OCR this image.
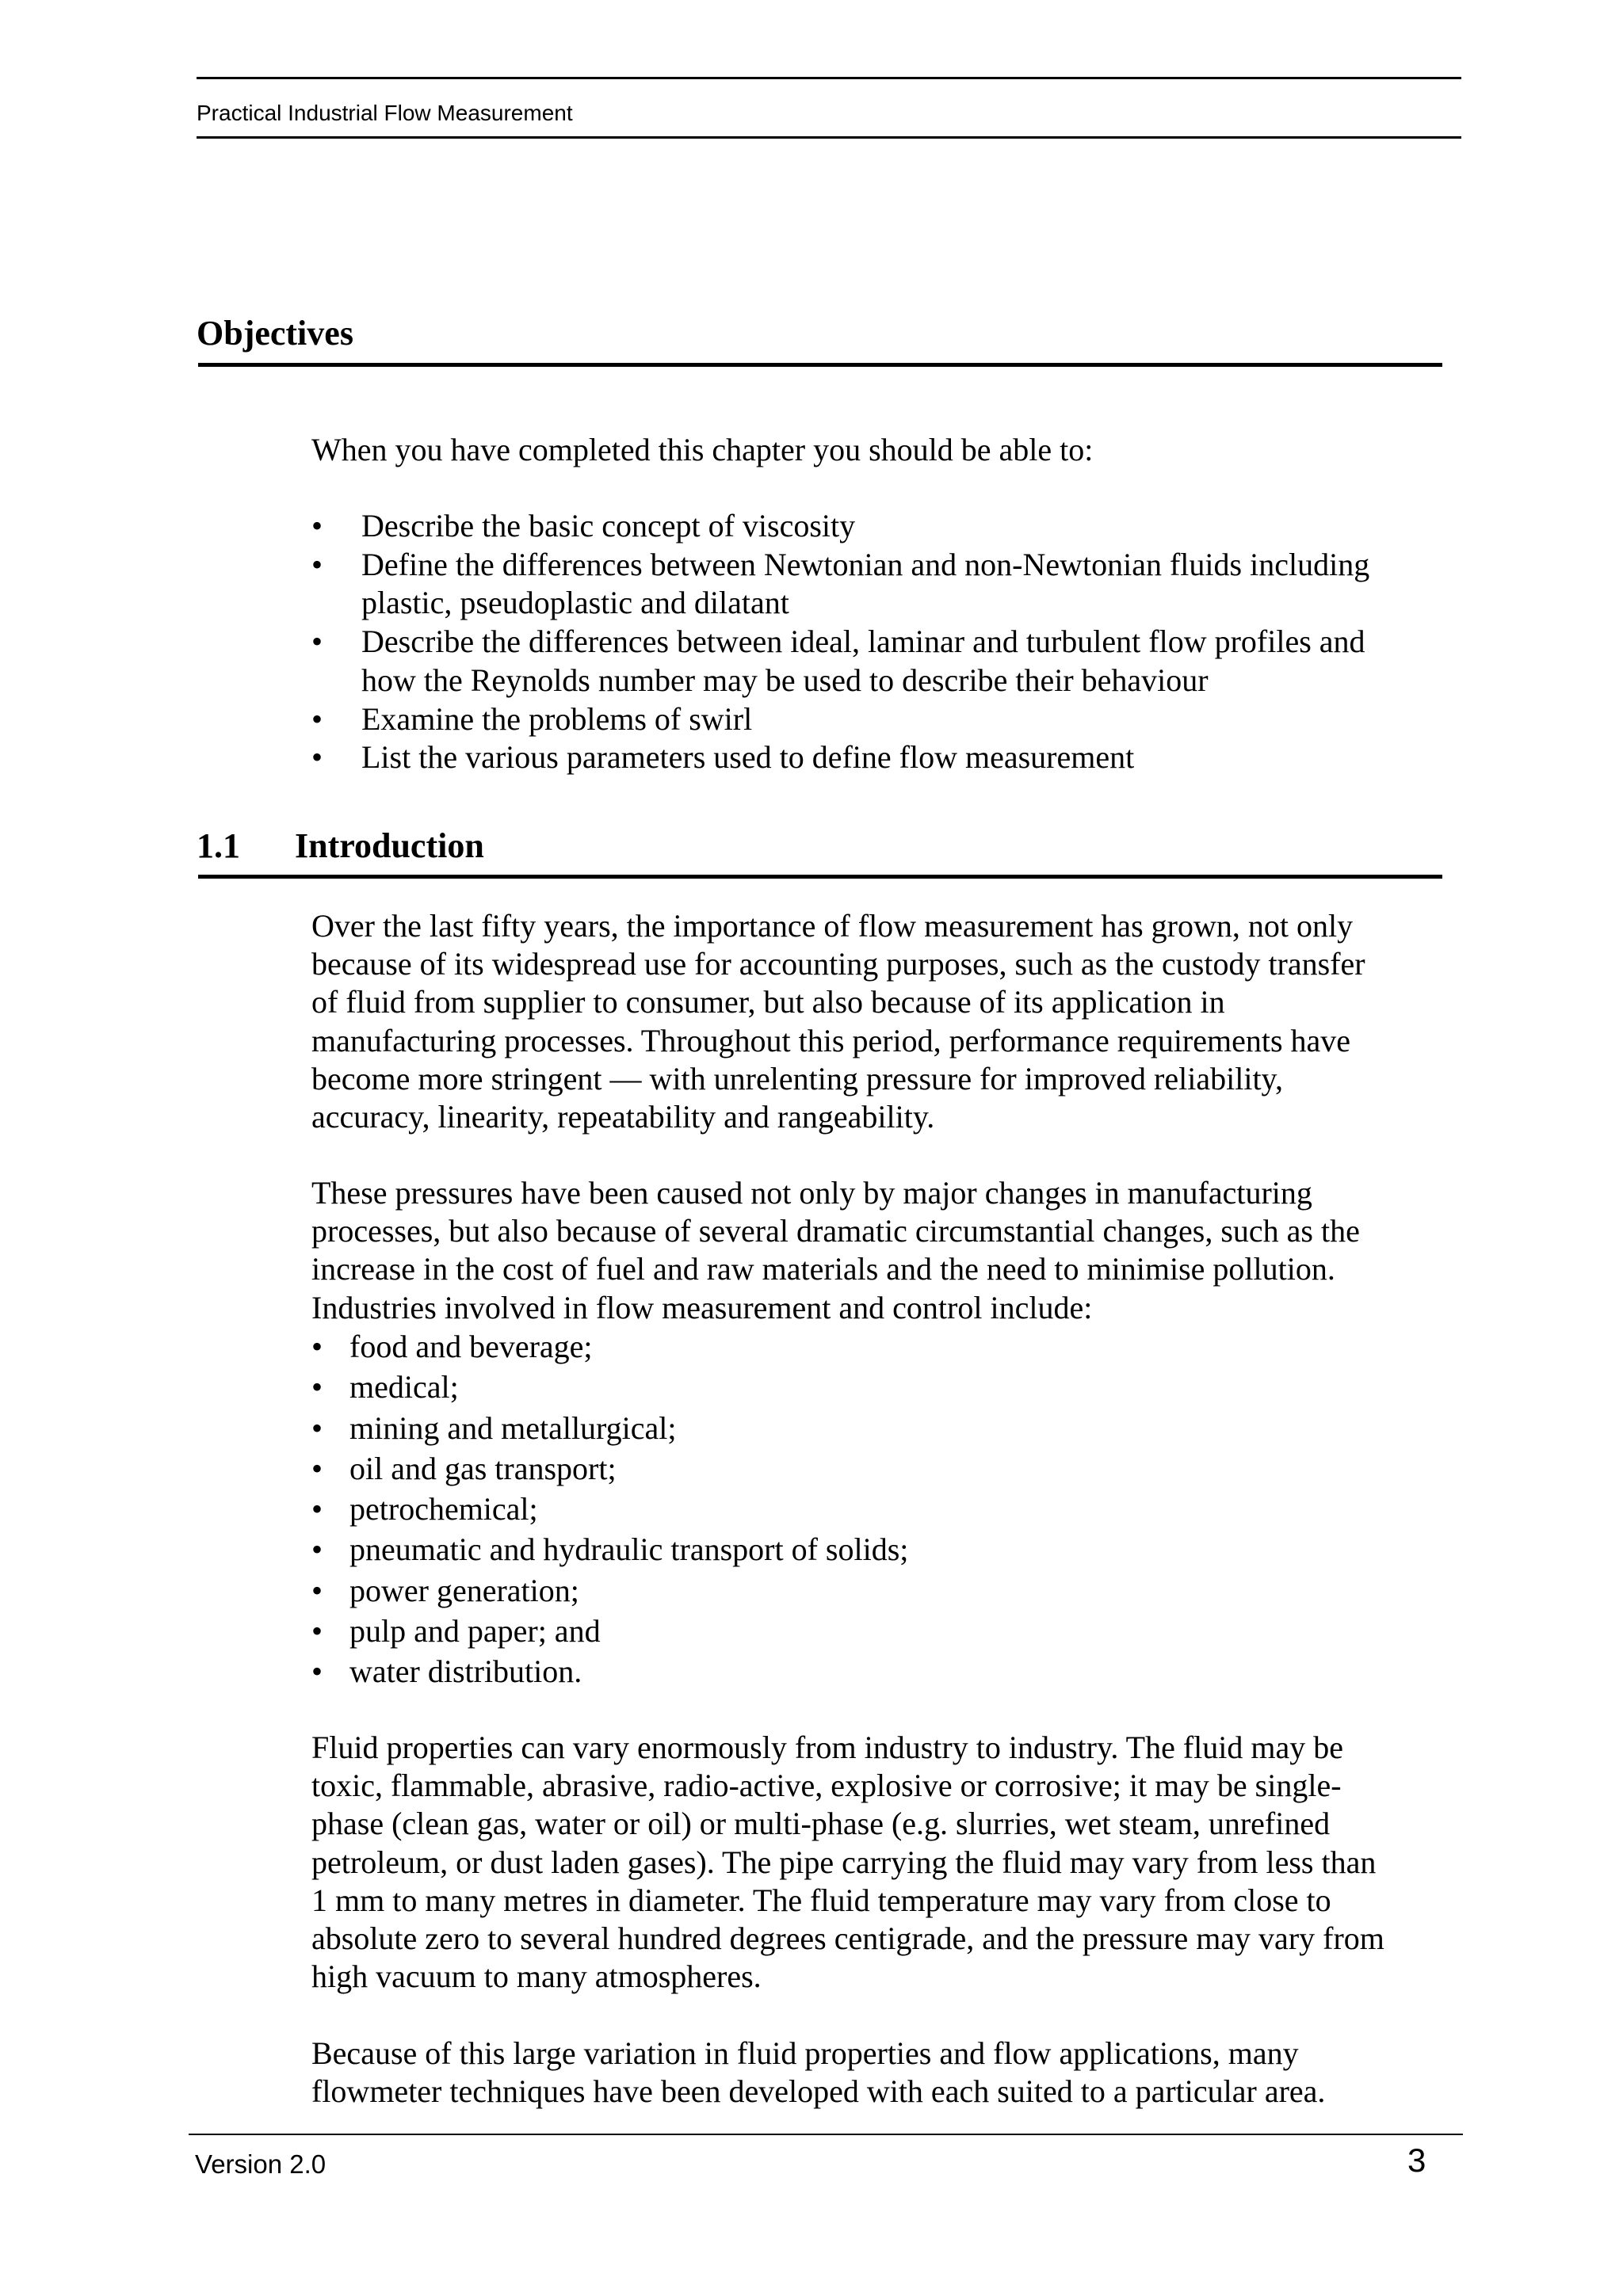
Practical Industrial Flow Measurement
Objectives
When you have completed this chapter you should be able to:
• Describe the basic concept of viscosity
• Define the differences between Newtonian and non-Newtonian fluids including
plastic, pseudoplastic and dilatant
• Describe the differences between ideal, laminar and turbulent flow profiles and
how the Reynolds number may be used to describe their behaviour
• Examine the problems of swirl
• List the various parameters used to define flow measurement
1.1 Introduction
Over the last fifty years, the importance of flow measurement has grown, not only
because of its widespread use for accounting purposes, such as the custody transfer
of fluid from supplier to consumer, but also because of its application in
manufacturing processes. Throughout this period, performance requirements have
become more stringent — with unrelenting pressure for improved reliability,
accuracy, linearity, repeatability and rangeability.
These pressures have been caused not only by major changes in manufacturing
processes, but also because of several dramatic circumstantial changes, such as the
increase in the cost of fuel and raw materials and the need to minimise pollution.
Industries involved in flow measurement and control include:
• food and beverage;
• medical;
• mining and metallurgical;
• oil and gas transport;
• petrochemical;
• pneumatic and hydraulic transport of solids;
• power generation;
• pulp and paper; and
• water distribution.
Fluid properties can vary enormously from industry to industry. The fluid may be
toxic, flammable, abrasive, radio-active, explosive or corrosive; it may be single-
phase (clean gas, water or oil) or multi-phase (e.g. slurries, wet steam, unrefined
petroleum, or dust laden gases). The pipe carrying the fluid may vary from less than
1 mm to many metres in diameter. The fluid temperature may vary from close to
absolute zero to several hundred degrees centigrade, and the pressure may vary from
high vacuum to many atmospheres.
Because of this large variation in fluid properties and flow applications, many
flowmeter techniques have been developed with each suited to a particular area.
Version 2.0	3
